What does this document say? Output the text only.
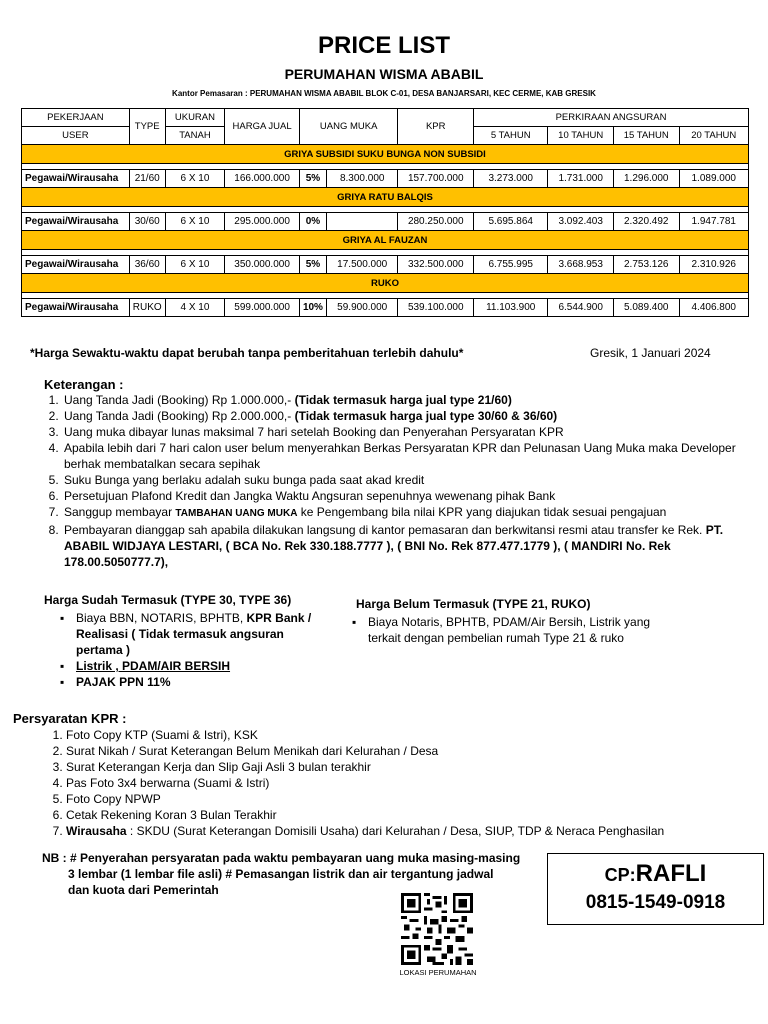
PRICE LIST
PERUMAHAN WISMA ABABIL
Kantor Pemasaran : PERUMAHAN WISMA ABABIL BLOK C-01, DESA BANJARSARI, KEC CERME, KAB GRESIK
PEKERJAAN	TYPE	UKURAN	HARGA JUAL	UANG MUKA		KPR	PERKIRAAN ANGSURAN			
USER		TANAH					5 TAHUN	10 TAHUN	15 TAHUN	20 TAHUN
GRIYA SUBSIDI SUKU BUNGA NON SUBSIDI										

Pegawai/Wirausaha	21/60	6 X 10	166.000.000	5%	8.300.000	157.700.000	3.273.000	1.731.000	1.296.000	1.089.000
GRIYA RATU BALQIS										

Pegawai/Wirausaha	30/60	6 X 10	295.000.000	0%		280.250.000	5.695.864	3.092.403	2.320.492	1.947.781
GRIYA AL FAUZAN										

Pegawai/Wirausaha	36/60	6 X 10	350.000.000	5%	17.500.000	332.500.000	6.755.995	3.668.953	2.753.126	2.310.926
RUKO										

Pegawai/Wirausaha	RUKO	4 X 10	599.000.000	10%	59.900.000	539.100.000	11.103.900	6.544.900	5.089.400	4.406.800
*Harga Sewaktu-waktu dapat berubah tanpa pemberitahuan terlebih dahulu*	Gresik, 1 Januari 2024
Keterangan :
1. Uang Tanda Jadi (Booking) Rp 1.000.000,- (Tidak termasuk harga jual type 21/60)
2. Uang Tanda Jadi (Booking) Rp 2.000.000,- (Tidak termasuk harga jual type 30/60 & 36/60)
3. Uang muka dibayar lunas maksimal 7 hari setelah Booking dan Penyerahan Persyaratan KPR
4. Apabila lebih dari 7 hari calon user belum menyerahkan Berkas Persyaratan KPR dan Pelunasan Uang Muka maka Developer berhak membatalkan secara sepihak
5. Suku Bunga yang berlaku adalah suku bunga pada saat akad kredit
6. Persetujuan Plafond Kredit dan Jangka Waktu Angsuran sepenuhnya wewenang pihak Bank
7. Sanggup membayar TAMBAHAN UANG MUKA ke Pengembang bila nilai KPR yang diajukan tidak sesuai pengajuan
8. Pembayaran dianggap sah apabila dilakukan langsung di kantor pemasaran dan berkwitansi resmi atau transfer ke Rek. PT. ABABIL WIDJAYA LESTARI, ( BCA No. Rek 330.188.7777 ), ( BNI No. Rek 877.477.1779 ), ( MANDIRI No. Rek 178.00.5050777.7),
Harga Sudah Termasuk (TYPE 30, TYPE 36)
▪ Biaya BBN, NOTARIS, BPHTB, KPR Bank / Realisasi ( Tidak termasuk angsuran pertama )
▪ Listrik , PDAM/AIR BERSIH
▪ PAJAK PPN 11%
Harga Belum Termasuk (TYPE 21, RUKO)
▪ Biaya Notaris, BPHTB, PDAM/Air Bersih, Listrik yang terkait dengan pembelian rumah Type 21 & ruko
Persyaratan KPR :
1. Foto Copy KTP (Suami & Istri), KSK
2. Surat Nikah / Surat Keterangan Belum Menikah dari Kelurahan / Desa
3. Surat Keterangan Kerja dan Slip Gaji Asli 3 bulan terakhir
4. Pas Foto 3x4 berwarna (Suami & Istri)
5. Foto Copy NPWP
6. Cetak Rekening Koran 3 Bulan Terakhir
7. Wirausaha : SKDU (Surat Keterangan Domisili Usaha) dari Kelurahan / Desa, SIUP, TDP & Neraca Penghasilan
NB : # Penyerahan persyaratan pada waktu pembayaran uang muka masing-masing
3 lembar (1 lembar file asli) # Pemasangan listrik dan air tergantung jadwal
dan kuota dari Pemerintah
LOKASI PERUMAHAN
CP:RAFLI
0815-1549-0918
